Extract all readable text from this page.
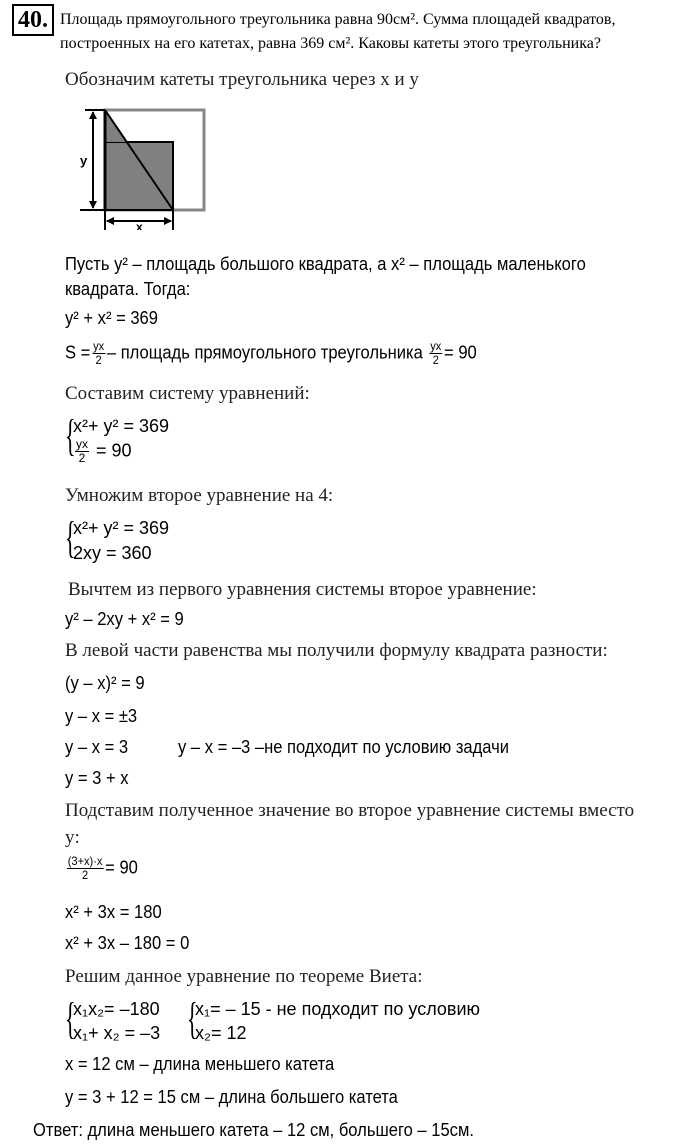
40. Площадь прямоугольного треугольника равна 90см². Сумма площадей квадратов,
построенных на его катетах, равна 369 см². Каковы катеты этого треугольника?
Обозначим катеты треугольника через x и y
y
x
Пусть y² – площадь большого квадрата, а x² – площадь маленького
квадрата. Тогда:
y² + x² = 369
$S = \frac{yx}{2}$ – площадь прямоугольного треугольника $\frac{yx}{2} = 90$
Составим систему уравнений:
{
x²+ y² = 369
$\frac{yx}{2} = 90$
Умножим второе уравнение на 4:
{
x²+ y² = 369
2xy = 360
Вычтем из первого уравнения системы второе уравнение:
y² – 2xy + x² = 9
В левой части равенства мы получили формулу квадрата разности:
(y – x)² = 9
y – x = ±3
y – x = 3	y – x = –3 –не подходит по условию задачи
y = 3 + x
Подставим полученное значение во второе уравнение системы вместо
y:
$\frac{(3+x)\cdot x}{2} = 90$
x² + 3x = 180
x² + 3x – 180 = 0
Решим данное уравнение по теореме Виета:
{
x₁x₂= –180
x₁+ x₂ = –3 {
x₁= – 15 - не подходит по условию
x₂= 12
x = 12 см – длина меньшего катета
y = 3 + 12 = 15 см – длина большего катета
Ответ: длина меньшего катета – 12 см, большего – 15см.
